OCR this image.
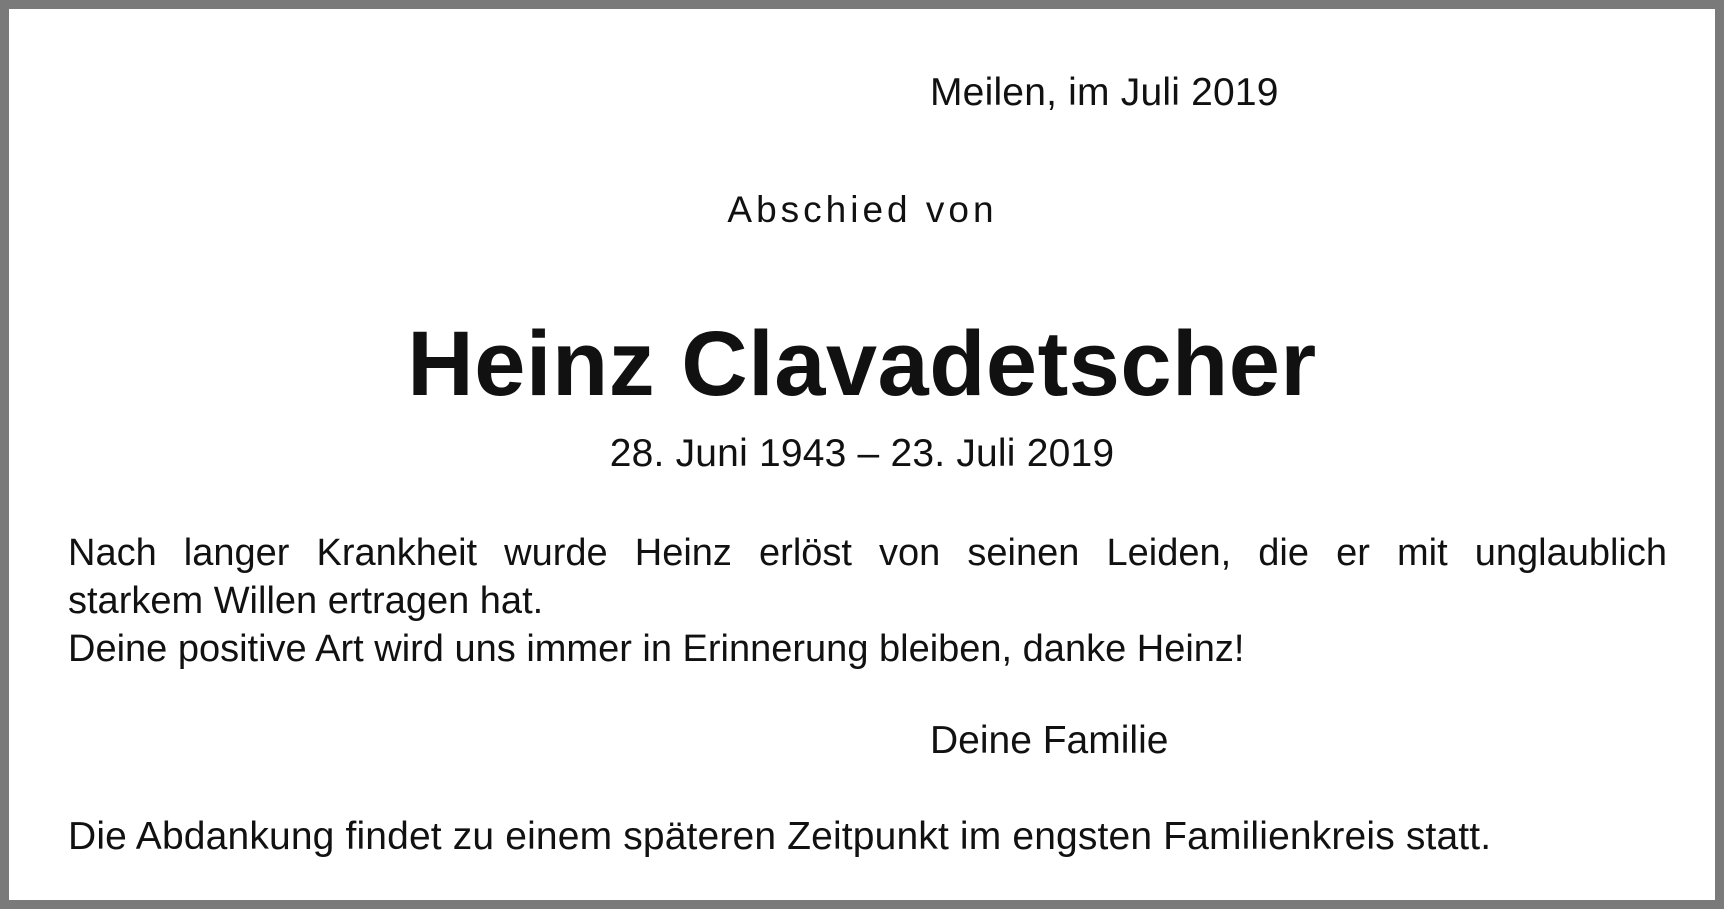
Meilen, im Juli 2019

Abschied von

Heinz Clavadetscher

28. Juni 1943 – 23. Juli 2019

Nach langer Krankheit wurde Heinz erlöst von seinen Leiden, die er mit unglaublich
starkem Willen ertragen hat.
Deine positive Art wird uns immer in Erinnerung bleiben, danke Heinz!

Deine Familie

Die Abdankung findet zu einem späteren Zeitpunkt im engsten Familienkreis statt.
